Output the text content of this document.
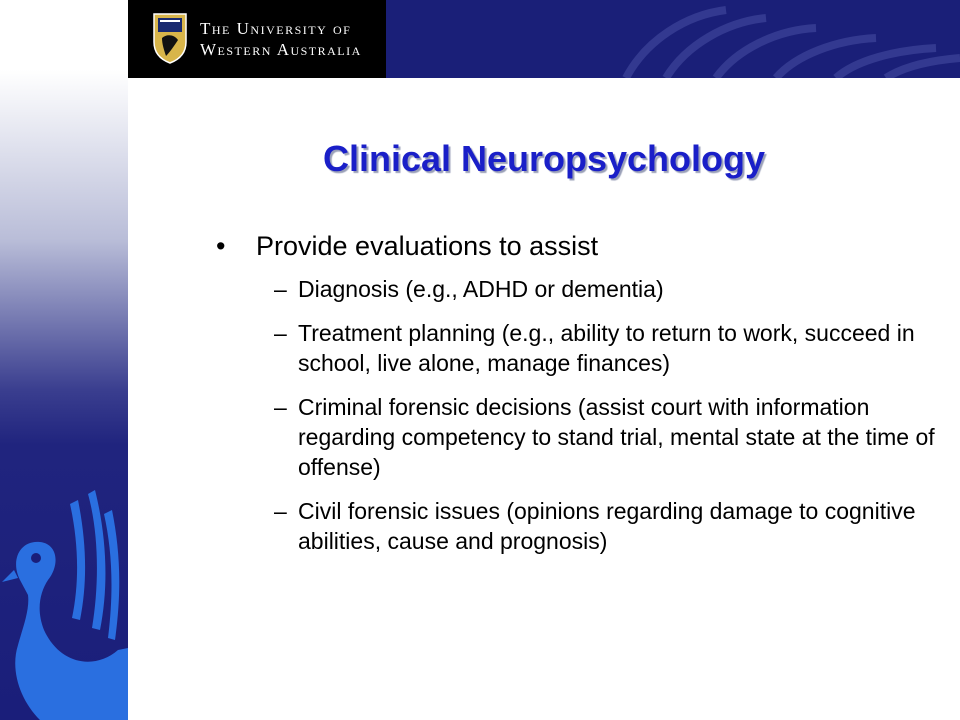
The University of
Western Australia
Clinical Neuropsychology
•	Provide evaluations to assist
– Diagnosis (e.g., ADHD or dementia)
– Treatment planning (e.g., ability to return to work, succeed in school, live alone, manage finances)
– Criminal forensic decisions (assist court with information regarding competency to stand trial, mental state at the time of offense)
– Civil forensic issues (opinions regarding damage to cognitive abilities, cause and prognosis)
